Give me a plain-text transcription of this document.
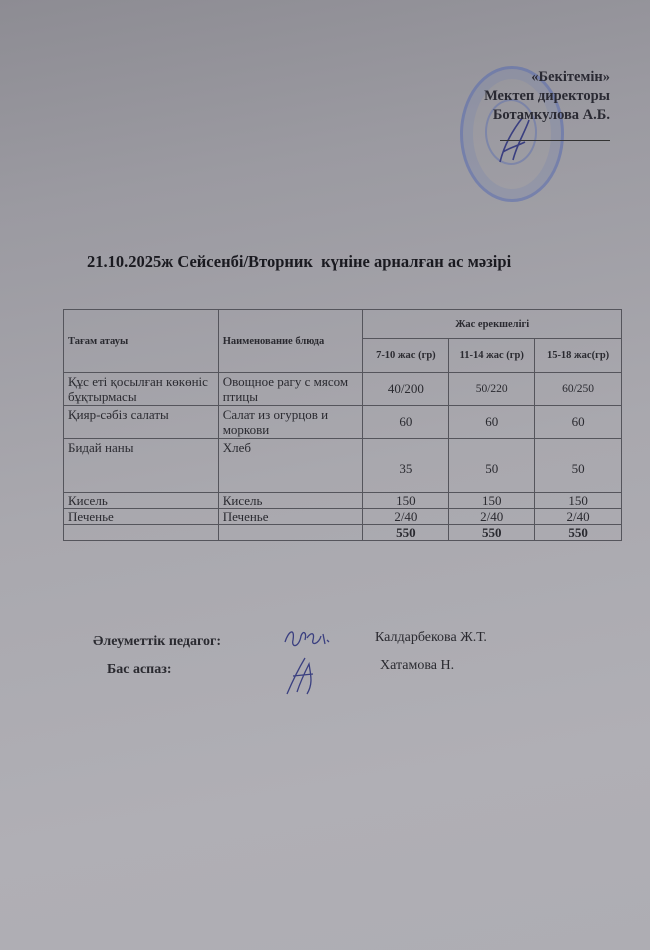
«Бекітемін»
Мектеп директоры
Ботамкулова А.Б.
21.10.2025ж Сейсенбі/Вторник  күніне арналған ас мәзірі
Тағам атауы	Наименование блюда	Жас ерекшелігі		
		7-10 жас (гр)	11-14 жас (гр)	15-18 жас(гр)
Құс еті қосылған көкөніс бұқтырмасы	Овощное рагу с мясом птицы	40/200	50/220	60/250
Қияр-сәбіз салаты	Салат из огурцов и моркови	60	60	60
Бидай наны	Хлеб	35	50	50
Кисель	Кисель	150	150	150
Печенье	Печенье	2/40	2/40	2/40
		550	550	550
Әлеуметтік педагог:	Калдарбекова Ж.Т.
Бас аспаз:	Хатамова Н.
